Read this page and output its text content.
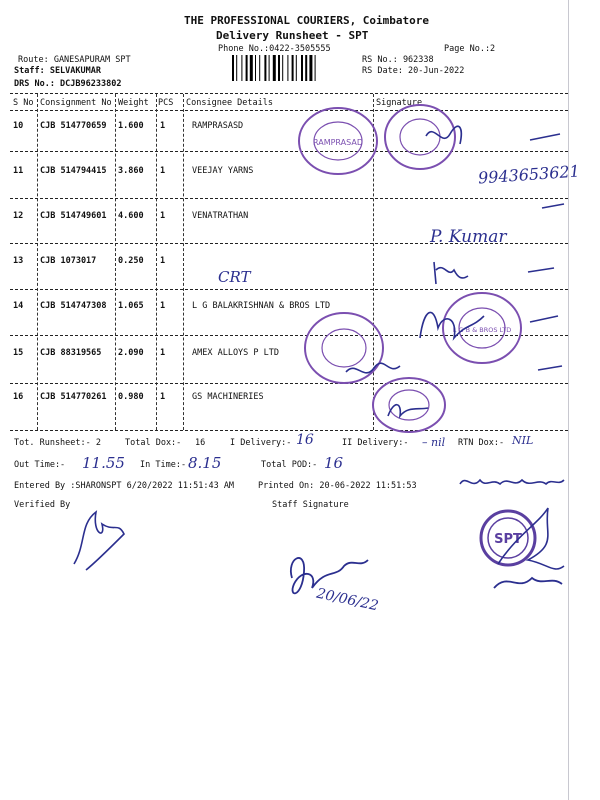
THE PROFESSIONAL COURIERS, Coimbatore
Delivery Runsheet - SPT
Phone No.:0422-3505555	Page No.:2
Route: GANESAPURAM SPT
Staff: SELVAKUMAR
DRS No.: DCJB96233802
RS No.: 962338
RS Date: 20-Jun-2022
S No Consignment No Weight PCS Consignee Details	Signature
10 CJB 514770659 1.600 1	RAMPRASASD
11 CJB 514794415 3.860 1	VEEJAY YARNS
12 CJB 514749601 4.600 1	VENATRATHAN
13 CJB 1073017	0.250 1
14 CJB 514747308 1.065 1	L G BALAKRISHNAN & BROS LTD
15 CJB 88319565 2.090 1	AMEX ALLOYS P LTD
16 CJB 514770261 0.980 1	GS MACHINERIES
Tot. Runsheet:- 2	Total Dox:- 16	I Delivery:-	II Delivery:-	RTN Dox:-
Out Time:-	In Time:-	Total POD:-
Entered By :SHARONSPT 6/20/2022 11:51:43 AM	Printed On: 20-06-2022 11:51:53
Verified By	Staff Signature
16	– nil	NIL
11.55	8.15	16
9943653621
CRT
P. Kumar
20/06/22
RAMPRASAD
L G B & BROS LTD
SPT
